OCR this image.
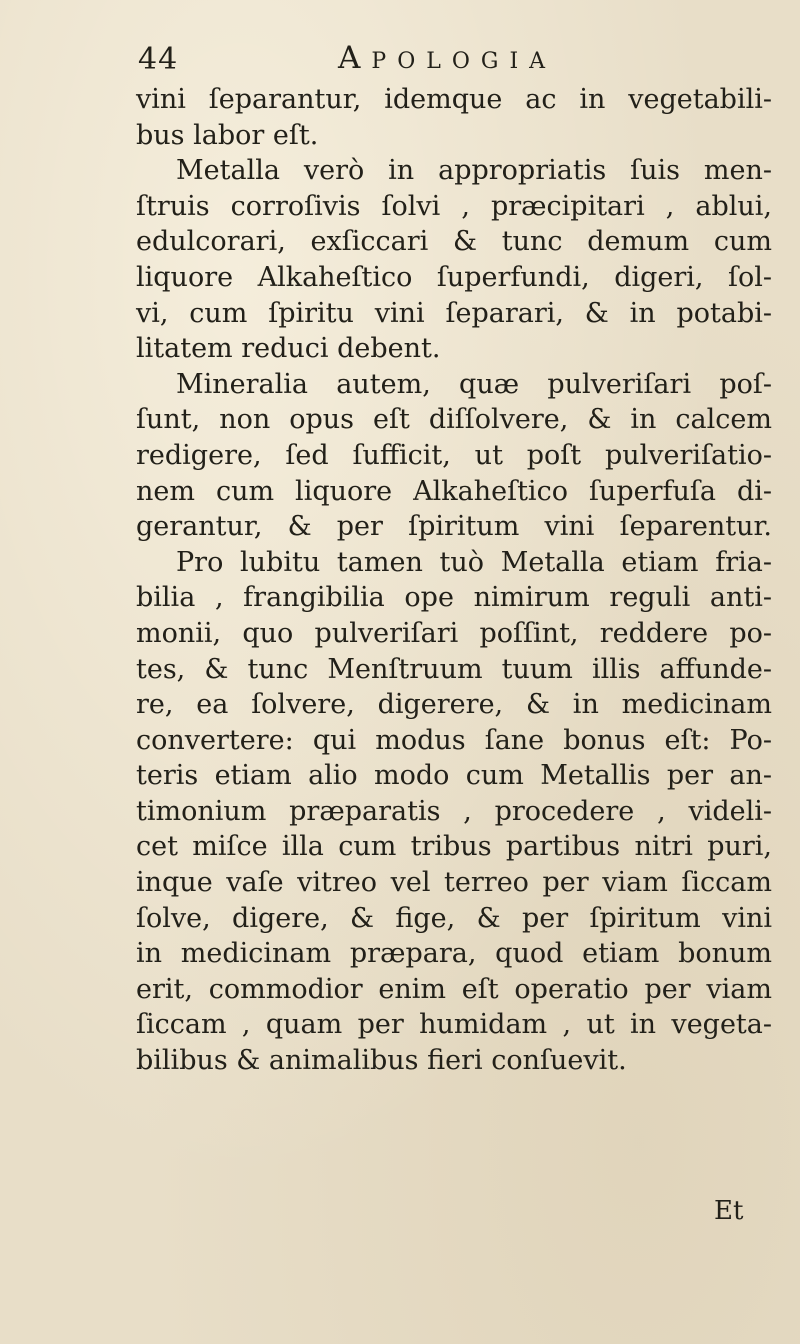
44	Apologia
vini ſeparantur, idemque ac in vegetabili-
bus labor eſt.
Metalla verò in appropriatis ſuis men-
ſtruis corroſivis ſolvi , præcipitari , ablui,
edulcorari, exſiccari & tunc demum cum
liquore Alkaheſtico ſuperfundi, digeri, ſol-
vi, cum ſpiritu vini ſeparari, & in potabi-
litatem reduci debent.
Mineralia autem, quæ pulveriſari poſ-
ſunt, non opus eſt diſſolvere, & in calcem
redigere, ſed ſufficit, ut poſt pulveriſatio-
nem cum liquore Alkaheſtico ſuperfuſa di-
gerantur, & per ſpiritum vini ſeparentur.
Pro lubitu tamen tuò Metalla etiam fria-
bilia , frangibilia ope nimirum reguli anti-
monii, quo pulveriſari poſſint, reddere po-
tes, & tunc Menſtruum tuum illis affunde-
re, ea ſolvere, digerere, & in medicinam
convertere: qui modus ſane bonus eſt: Po-
teris etiam alio modo cum Metallis per an-
timonium præparatis , procedere , videli-
cet miſce illa cum tribus partibus nitri puri,
inque vaſe vitreo vel terreo per viam ſiccam
ſolve, digere, & fige, & per ſpiritum vini
in medicinam præpara, quod etiam bonum
erit, commodior enim eſt operatio per viam
ſiccam , quam per humidam , ut in vegeta-
bilibus & animalibus fieri conſuevit.
Et
